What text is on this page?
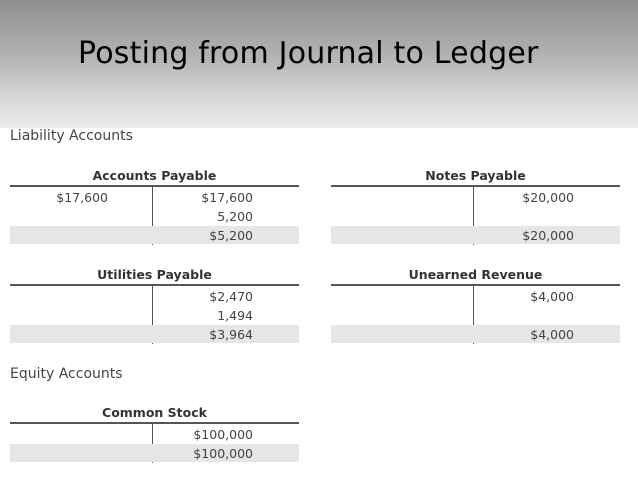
Posting from Journal to Ledger
Liability Accounts
Accounts Payable
$17,600	$17,600
5,200
$5,200
Notes Payable
$20,000
$20,000
Utilities Payable
$2,470
1,494
$3,964
Unearned Revenue
$4,000
$4,000
Equity Accounts
Common Stock
$100,000
$100,000
